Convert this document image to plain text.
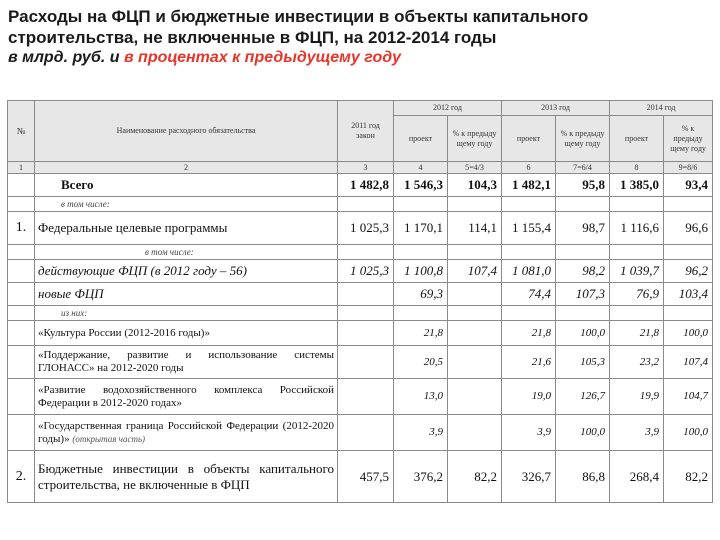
Расходы на ФЦП и бюджетные инвестиции в объекты капитального

строительства, не включенные в ФЦП, на 2012-2014 годы

в млрд. руб. и в процентах к предыдущему году

№	Наименование расходного обязательства	2011 год закон	2012 год		2013 год		2014 год	
			проект	% к предыду щему году	проект	% к предыду щему году	проект	% к предыду щему году
1	2	3	4	5=4/3	6	7=6/4	8	9=8/6
	Всего	1 482,8	1 546,3	104,3	1 482,1	95,8	1 385,0	93,4
	в том числе:							
1.	Федеральные целевые программы	1 025,3	1 170,1	114,1	1 155,4	98,7	1 116,6	96,6
	в том числе:							
	действующие ФЦП (в 2012 году – 56)	1 025,3	1 100,8	107,4	1 081,0	98,2	1 039,7	96,2
	новые ФЦП		69,3		74,4	107,3	76,9	103,4
	из них:							
	«Культура России (2012-2016 годы)»		21,8		21,8	100,0	21,8	100,0
	«Поддержание, развитие и использование системы ГЛОНАСС» на 2012-2020 годы		20,5		21,6	105,3	23,2	107,4
	«Развитие водохозяйственного комплекса Российской Федерации в 2012-2020 годах»		13,0		19,0	126,7	19,9	104,7
	«Государственная граница Российской Федерации (2012-2020 годы)» (открытая часть)		3,9		3,9	100,0	3,9	100,0
2.	Бюджетные инвестиции в объекты капитального строительства, не включенные в ФЦП	457,5	376,2	82,2	326,7	86,8	268,4	82,2
